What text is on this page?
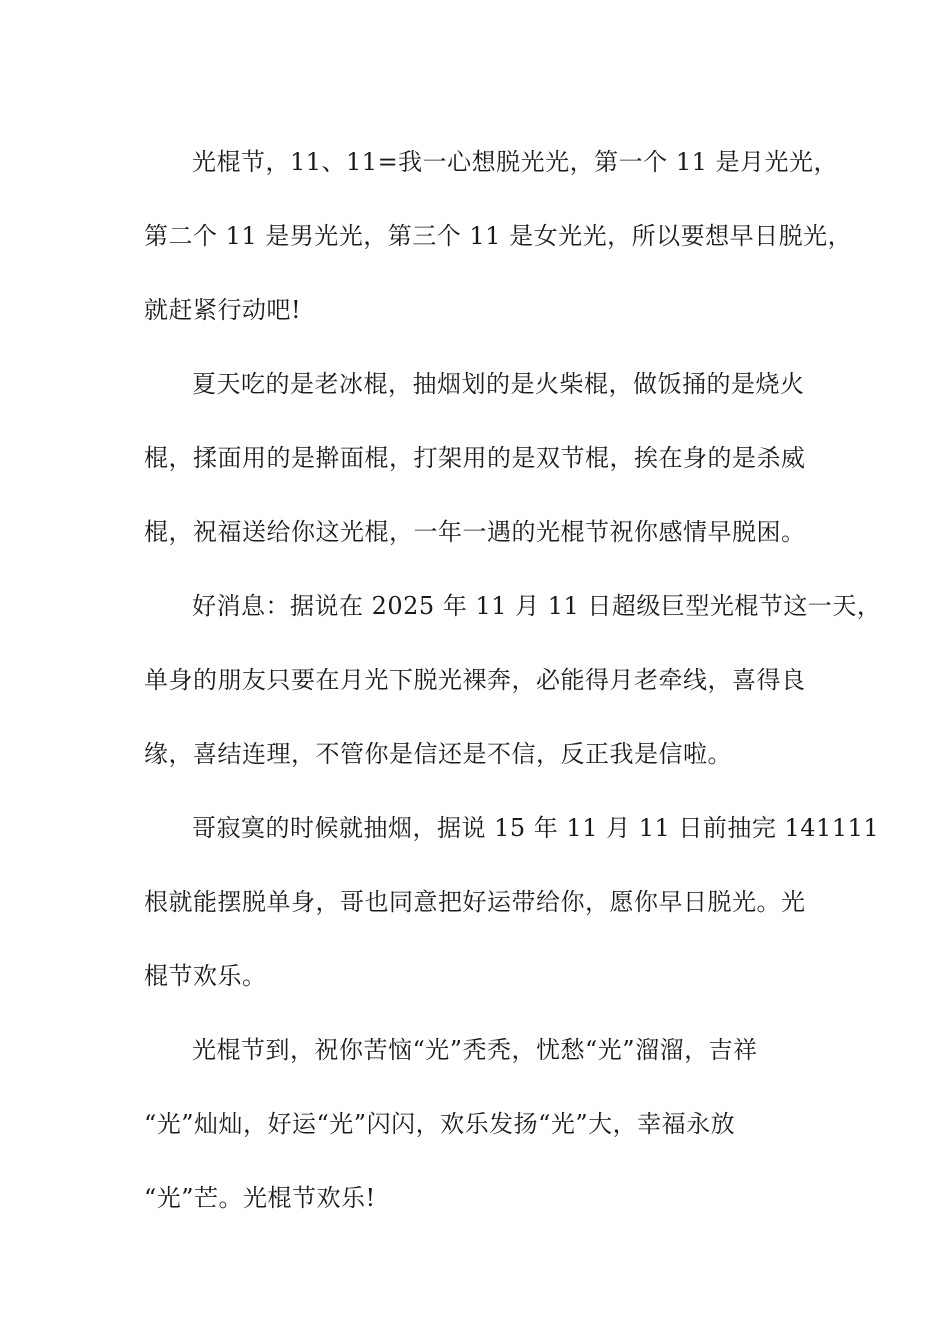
光棍节，11、11=我一心想脱光光，第一个 11 是月光光，
第二个 11 是男光光，第三个 11 是女光光，所以要想早日脱光，
就赶紧行动吧!
夏天吃的是老冰棍，抽烟划的是火柴棍，做饭捅的是烧火
棍，揉面用的是擀面棍，打架用的是双节棍，挨在身的是杀威
棍，祝福送给你这光棍，一年一遇的光棍节祝你感情早脱困。
好消息：据说在 2025 年 11 月 11 日超级巨型光棍节这一天，
单身的朋友只要在月光下脱光裸奔，必能得月老牵线，喜得良
缘，喜结连理，不管你是信还是不信，反正我是信啦。
哥寂寞的时候就抽烟，据说 15 年 11 月 11 日前抽完 141111
根就能摆脱单身，哥也同意把好运带给你，愿你早日脱光。光
棍节欢乐。
光棍节到，祝你苦恼“光”秃秃，忧愁“光”溜溜，吉祥
“光”灿灿，好运“光”闪闪，欢乐发扬“光”大，幸福永放
“光”芒。光棍节欢乐!
